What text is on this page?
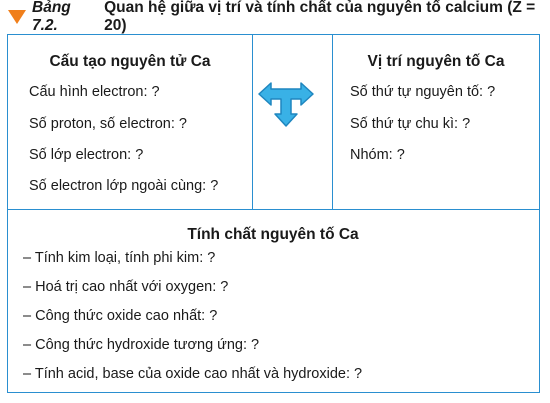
Bảng 7.2.
Quan hệ giữa vị trí và tính chất của nguyên tố calcium (Z = 20)
Cấu tạo nguyên tử Ca
Cấu hình electron: ?
Số proton, số electron: ?
Số lớp electron: ?
Số electron lớp ngoài cùng: ?
Vị trí nguyên tố Ca
Số thứ tự nguyên tố: ?
Số thứ tự chu kì: ?
Nhóm: ?
Tính chất nguyên tố Ca
– Tính kim loại, tính phi kim: ?
– Hoá trị cao nhất với oxygen: ?
– Công thức oxide cao nhất: ?
– Công thức hydroxide tương ứng: ?
– Tính acid, base của oxide cao nhất và hydroxide: ?
